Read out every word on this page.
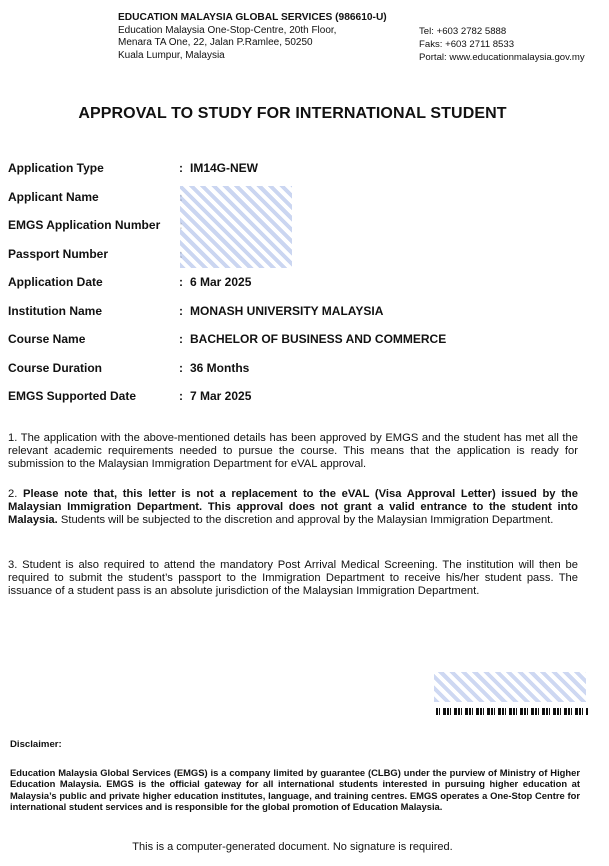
EDUCATION MALAYSIA GLOBAL SERVICES (986610-U)
Education Malaysia One-Stop-Centre, 20th Floor,
Menara TA One, 22, Jalan P.Ramlee, 50250
Kuala Lumpur, Malaysia
Tel: +603 2782 5888
Faks: +603 2711 8533
Portal: www.educationmalaysia.gov.my
APPROVAL TO STUDY FOR INTERNATIONAL STUDENT
Application Type	: IM14G-NEW
Applicant Name
EMGS Application Number
Passport Number
Application Date	: 6 Mar 2025
Institution Name	: MONASH UNIVERSITY MALAYSIA
Course Name	: BACHELOR OF BUSINESS AND COMMERCE
Course Duration	: 36 Months
EMGS Supported Date	: 7 Mar 2025
1. The application with the above-mentioned details has been approved by EMGS and the student has met all the relevant academic requirements needed to pursue the course. This means that the application is ready for submission to the Malaysian Immigration Department for eVAL approval.
2. Please note that, this letter is not a replacement to the eVAL (Visa Approval Letter) issued by the Malaysian Immigration Department. This approval does not grant a valid entrance to the student into Malaysia. Students will be subjected to the discretion and approval by the Malaysian Immigration Department.
3. Student is also required to attend the mandatory Post Arrival Medical Screening. The institution will then be required to submit the student’s passport to the Immigration Department to receive his/her student pass. The issuance of a student pass is an absolute jurisdiction of the Malaysian Immigration Department.
Disclaimer:
Education Malaysia Global Services (EMGS) is a company limited by guarantee (CLBG) under the purview of Ministry of Higher Education Malaysia. EMGS is the official gateway for all international students interested in pursuing higher education at Malaysia’s public and private higher education institutes, language, and training centres. EMGS operates a One-Stop Centre for international student services and is responsible for the global promotion of Education Malaysia.
This is a computer-generated document. No signature is required.
